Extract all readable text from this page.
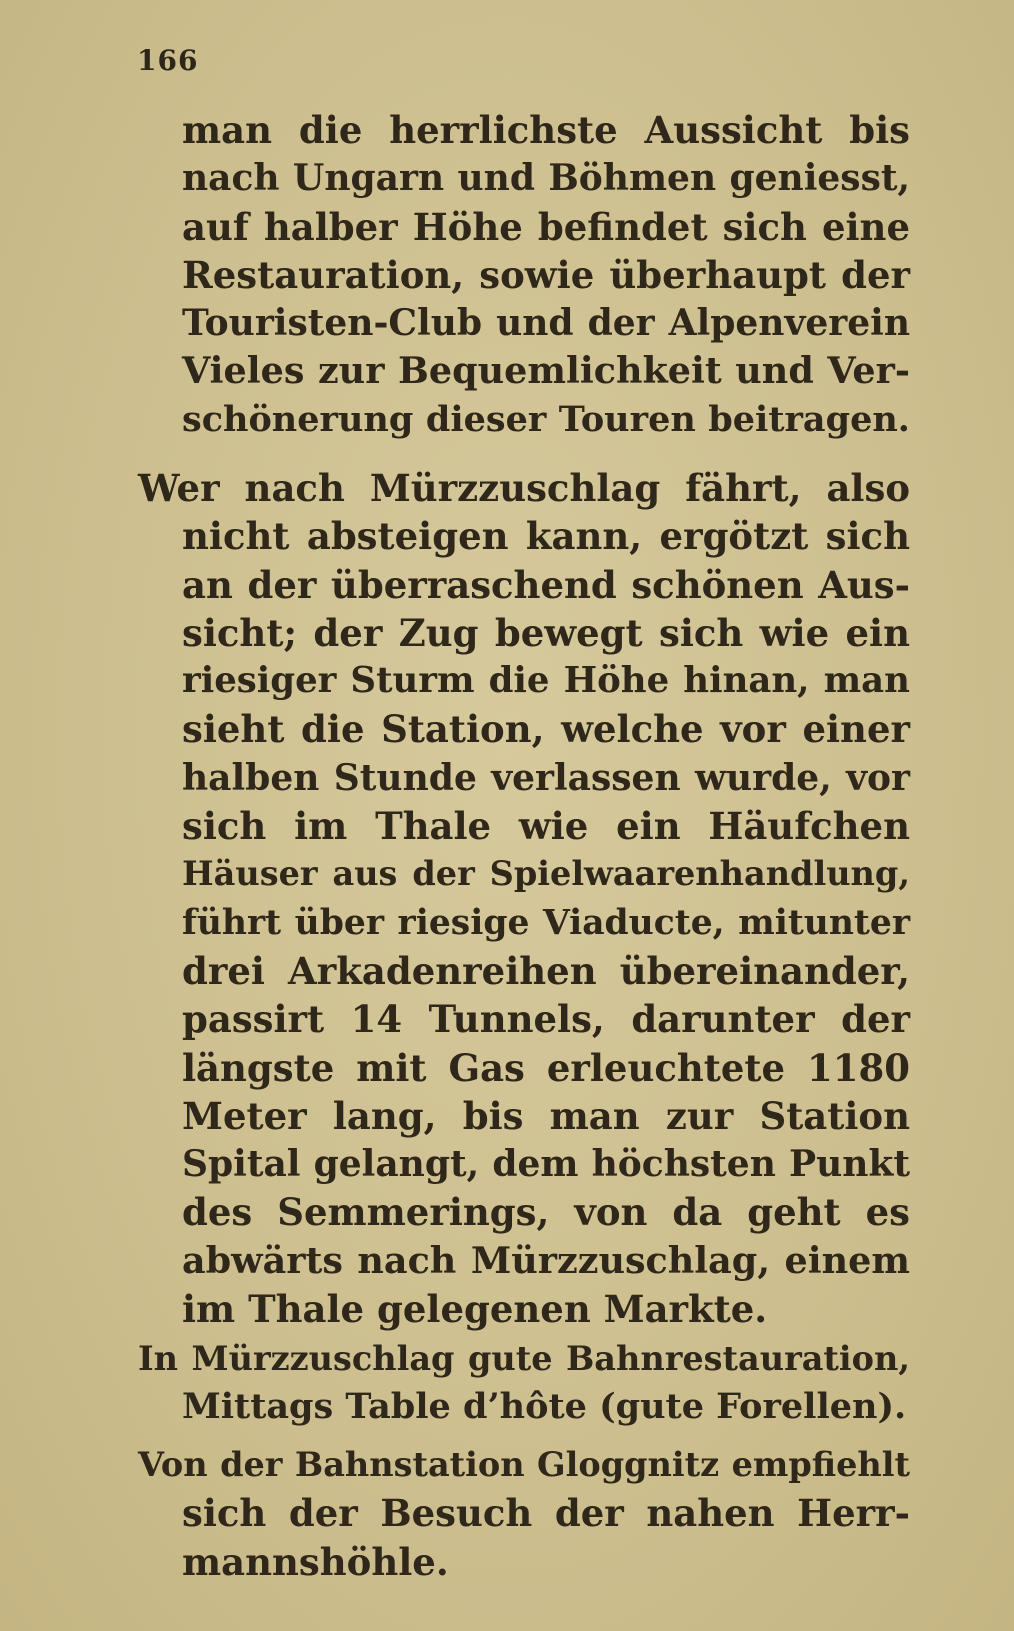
166
man die herrlichste Aussicht bis
nach Ungarn und Böhmen geniesst,
auf halber Höhe befindet sich eine
Restauration, sowie überhaupt der
Touristen-Club und der Alpenverein
Vieles zur Bequemlichkeit und Ver-
schönerung dieser Touren beitragen.
Wer nach Mürzzuschlag fährt, also
nicht absteigen kann, ergötzt sich
an der überraschend schönen Aus-
sicht; der Zug bewegt sich wie ein
riesiger Sturm die Höhe hinan, man
sieht die Station, welche vor einer
halben Stunde verlassen wurde, vor
sich im Thale wie ein Häufchen
Häuser aus der Spielwaarenhandlung,
führt über riesige Viaducte, mitunter
drei Arkadenreihen übereinander,
passirt 14 Tunnels, darunter der
längste mit Gas erleuchtete 1180
Meter lang, bis man zur Station
Spital gelangt, dem höchsten Punkt
des Semmerings, von da geht es
abwärts nach Mürzzuschlag, einem
im Thale gelegenen Markte.
In Mürzzuschlag gute Bahnrestauration,
Mittags Table d’hôte (gute Forellen).
Von der Bahnstation Gloggnitz empfiehlt
sich der Besuch der nahen Herr-
mannshöhle.
